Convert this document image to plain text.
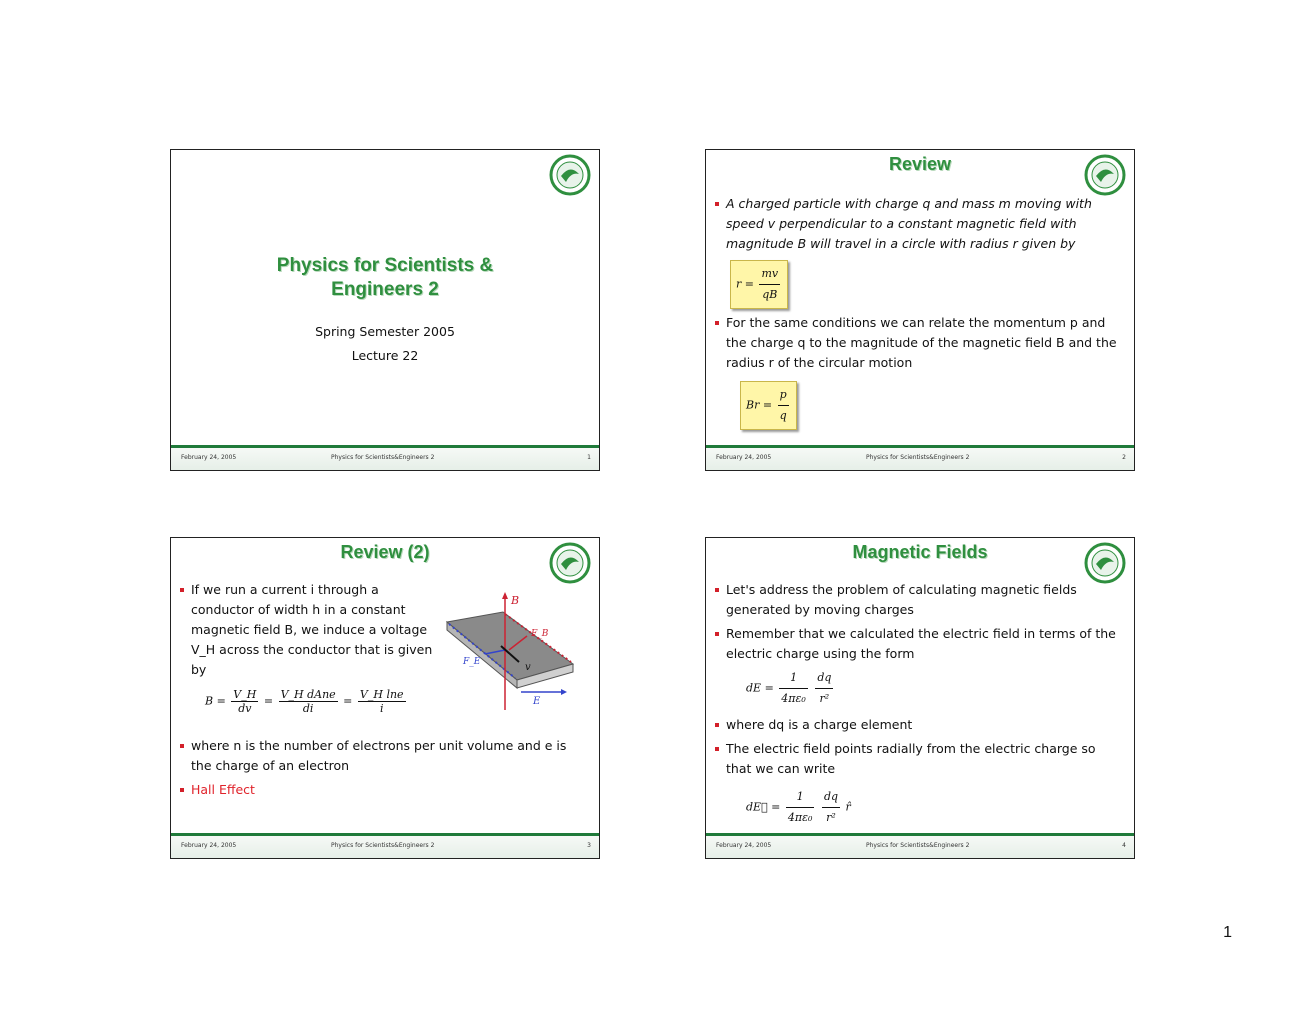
Physics for Scientists &
Engineers 2
Spring Semester 2005
Lecture 22
February 24, 2005	Physics for Scientists&Engineers 2	1
Review
A charged particle with charge q and mass m moving with speed v perpendicular to a constant magnetic field with magnitude B will travel in a circle with radius r given by
$r = \frac{mv}{qB}$
For the same conditions we can relate the momentum p and the charge q to the magnitude of the magnetic field B and the radius r of the circular motion
$Br = \frac{p}{q}$
February 24, 2005	Physics for Scientists&Engineers 2	2
Review (2)
If we run a current i through a conductor of width h in a constant magnetic field B, we induce a voltage V_H across the conductor that is given by
$B = \frac{V\_H}{dv} = \frac{\text{V\_H dAne}}{di} = \frac{\text{V\_H lne}}{i}$
B
F_B
F_E	v
E
where n is the number of electrons per unit volume and e is the charge of an electron
Hall Effect
February 24, 2005	Physics for Scientists&Engineers 2	3
Magnetic Fields
Let's address the problem of calculating magnetic fields generated by moving charges
Remember that we calculated the electric field in terms of the electric charge using the form
dE = $\frac{1}{\text{4πε₀}}$
$\frac{dq}{\text{r²}}$
where dq is a charge element
The electric field points radially from the electric charge so that we can write
dE⃗ = $\frac{1}{\text{4πε₀}}$
$\frac{dq}{\text{r²}}$ r̂
February 24, 2005	Physics for Scientists&Engineers 2	4
1
